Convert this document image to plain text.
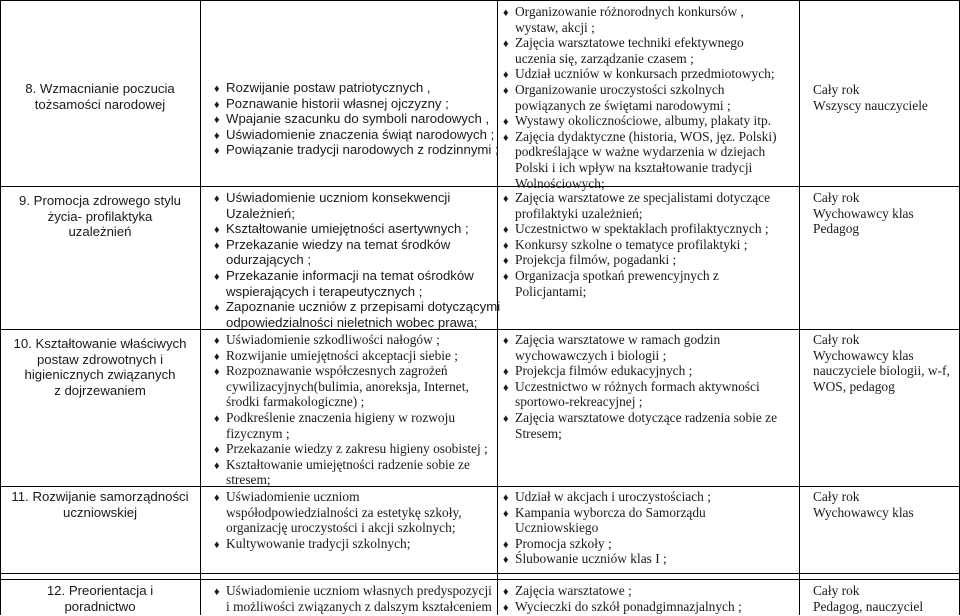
8. Wzmacnianie poczucia
tożsamości narodowej
♦ Rozwijanie postaw patriotycznych ,
♦ Poznawanie historii własnej ojczyzny ;
♦ Wpajanie szacunku do symboli narodowych ,
♦ Uświadomienie znaczenia świąt narodowych ;
♦ Powiązanie tradycji narodowych z rodzinnymi ;
♦ Organizowanie różnorodnych konkursów ,
wystaw, akcji ;
♦ Zajęcia warsztatowe techniki efektywnego
uczenia się, zarządzanie czasem ;
♦ Udział uczniów w konkursach przedmiotowych;
♦ Organizowanie uroczystości szkolnych
powiązanych ze świętami narodowymi ;
♦ Wystawy okolicznościowe, albumy, plakaty itp.
♦ Zajęcia dydaktyczne (historia, WOS, jęz. Polski)
podkreślające w ważne wydarzenia w dziejach
Polski i ich wpływ na kształtowanie tradycji
Wolnościowych;
Cały rok
Wszyscy nauczyciele
9. Promocja zdrowego stylu
życia- profilaktyka
uzależnień
♦ Uświadomienie uczniom konsekwencji
Uzależnień;
♦ Kształtowanie umiejętności asertywnych ;
♦ Przekazanie wiedzy na temat środków
odurzających ;
♦ Przekazanie informacji na temat ośrodków
wspierających i terapeutycznych ;
♦ Zapoznanie uczniów z przepisami dotyczącymi
odpowiedzialności nieletnich wobec prawa;
♦ Zajęcia warsztatowe ze specjalistami dotyczące
profilaktyki uzależnień;
♦ Uczestnictwo w spektaklach profilaktycznych ;
♦ Konkursy szkolne o tematyce profilaktyki ;
♦ Projekcja filmów, pogadanki ;
♦ Organizacja spotkań prewencyjnych z
Policjantami;
Cały rok
Wychowawcy klas
Pedagog
10. Kształtowanie właściwych
postaw zdrowotnych i
higienicznych związanych
z dojrzewaniem
♦ Uświadomienie szkodliwości nałogów ;
♦ Rozwijanie umiejętności akceptacji siebie ;
♦ Rozpoznawanie współczesnych zagrożeń
cywilizacyjnych(bulimia, anoreksja, Internet,
środki farmakologiczne) ;
♦ Podkreślenie znaczenia higieny w rozwoju
fizycznym ;
♦ Przekazanie wiedzy z zakresu higieny osobistej ;
♦ Kształtowanie umiejętności radzenie sobie ze
stresem;
♦ Zajęcia warsztatowe w ramach godzin
wychowawczych i biologii ;
♦ Projekcja filmów edukacyjnych ;
♦ Uczestnictwo w różnych formach aktywności
sportowo-rekreacyjnej ;
♦ Zajęcia warsztatowe dotyczące radzenia sobie ze
Stresem;
Cały rok
Wychowawcy klas
nauczyciele biologii, w-f,
WOS, pedagog
11. Rozwijanie samorządności
uczniowskiej
♦ Uświadomienie uczniom
współodpowiedzialności za estetykę szkoły,
organizację uroczystości i akcji szkolnych;
♦ Kultywowanie tradycji szkolnych;
♦ Udział w akcjach i uroczystościach ;
♦ Kampania wyborcza do Samorządu
Uczniowskiego
♦ Promocja szkoły ;
♦ Ślubowanie uczniów klas I ;
Cały rok
Wychowawcy klas
12. Preorientacja i
poradnictwo
♦ Uświadomienie uczniom własnych predyspozycji
i możliwości związanych z dalszym kształceniem
♦ Zajęcia warsztatowe ;
♦ Wycieczki do szkół ponadgimnazjalnych ;
Cały rok
Pedagog, nauczyciel
